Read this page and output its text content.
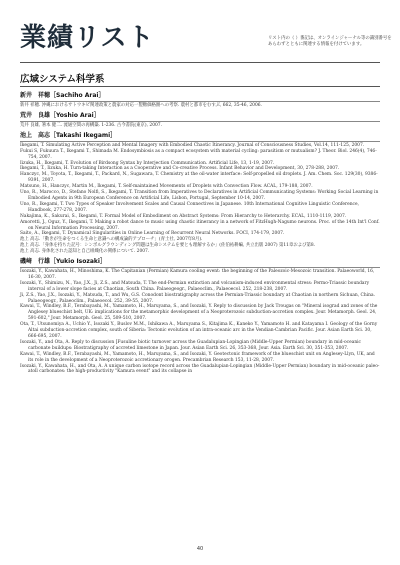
業績リスト	リスト内の（ ）番記は、オンラインジャーナル等の識別番号をあらわずとともに関連する情報を付けています。
広域システム科学系
新井　祥穂［Sachiho Arai］
新井 祥穂. 沖縄におけるサトウキビ関連政策と農家の対応一製糖価格圏への考察. 農村と都市をむすぶ, 662, 35-46, 2006.
荒井　良雄［Yoshio Arai］
荒井 良雄, 箸本 健二. 流通空間の再構築. 1-236. 古今書院(東京), 2007.
池上　高志［Takashi Ikegami］
Ikegami, T. Simulating Active Perception and Mental Imagery with Embodied Chaotic Itinerancy. Journal of Consciousness Studies, Vol.14, 111-125, 2007.
Fukui S, Fukuura T., Ikegami T., Shimada M. Endosymbiosis as a compact ecosystem with material cycling: parasitism or mutualism? J. Theor. Biol. 246(4), 746-754, 2007.
Iizuka, H., Ikegami, T. Evolution of Birdsong Syntax by Interjection Communication. Artificial Life, 13, 1-19, 2007.
Ikegami, T., Iizuka, H. Turn-taking Interaction as a Cooperative and Co-creative Process. Infant Behavior and Development, 30, 278-288, 2007.
Hanczyc, M., Toyota, T., Ikegami, T., Packard, N., Sugawara, T. Chemistry at the oil-water interface: Self-propelled oil droplets. J. Am. Chem. Soc. 129(30), 9386-9391, 2007.
Matsuno, H., Hanczyc, Martin M., Ikegami, T. Self-maintained Movements of Droplets with Convection Flow. ACAL, 179-188, 2007.
Uno, R., Marocco, D., Stefano Nolfi, S., Ikegami, T. Transition from Imperatives to Declaratives in Artificial Communicating Systems: Working Social Learning in Embodied Agents in 9th European Conference on Artificial Life, Lisbon, Portugal, September 10-14, 2007.
Uno, R., Ikegami, T. Two Types of Speaker Involvement Scales and Causal Connectives in Japanese. 10th International Cognitive Linguistic Conference, Handbook, 277-278, 2007.
Nakajima, K., Sakurai, S., Ikegami, T. Formal Model of Embodiment on Abstract Systems: From Hierarchy to Heterarchy. ECAL, 1110-1119, 2007.
Amoretti, J., Oguz, Y., Ikegami, T. Making a robot dance to music using chaotic itinerancy in a network of FitzHugh-Nagumo neurons. Proc. of the 14th Int'l Conf. on Neural Information Processing, 2007.
Saito, A., Ikegami, T. Dynamical Singularities in Online Learning of Recurrent Neural Networks. FOCI, 174-179, 2007.
池上 高志.「動きが生命をつくる生命と意識への構成論的アプローチ」(青土社, 2007年8月).
池上 高志.「身体を持ちた記号：シンボルグラウンディング問題は生命システムを要とも理解するか」(佐伯祐耕編, 共立出版 2007) 第11章および第8.
池上 高志. 身体化された認知と自己組織化の関係について. 2007.
磯﨑　行雄［Yukio Isozaki］
Isozaki, Y., Kawahata, H., Minoshima, K. The Capitanian (Permian) Kamura cooling event: the beginning of the Paleozoic-Mesozoic transition. Palaeoworld, 16, 16-30, 2007.
Isozaki, Y., Shimizu, N., Yao, J.X., Ji, Z.S., and Matsuda, T. The end-Permian extinction and volcanism-induced environmental stress: Permo-Triassic boundary interval of a lower slope facies at Chaotian, South China. Palaeogeogr., Palaeoclim., Palaeoecol. 252, 218-238, 2007.
Ji, Z.S., Yao, J.X., Isozaki, Y., Matsuda, T., and Wu, G.S. Conodont biostratigraphy across the Permian-Triassic boundary at Chaotian in northern Sichuan, China. Palaeogeogr., Palaeoclim., Palaeoecol. 252, 39-55, 2007.
Kawai, T., Windley, B.F., Terabayashi, M., Yamamoto, H., Maruyama, S., and Isozaki, Y. Reply to discussion by Jack Trougas on "Mineral isograd and zones of the Anglesey blueschist belt, UK: implications for the metamorphic development of a Neoproterozoic subduction-accretion complex. Jour. Metamorph. Geol. 24, 591-602," Jour. Metamorph. Geol. 25, 509-510, 2007.
Ota, T., Utsunomiya A., Uchio Y., Isozaki Y., Buslov M.M., Ishikawa A., Maruyama S., Kitajima K., Kaneko Y., Yamamoto H. and Katayama I. Geology of the Gorny Altai subduction-accretion complex, south of Siberia: Tectonic evolution of an intra-oceanic arc in the Vendian-Cambrian Pacific. Jour. Asian Earth Sci. 30, 666-695, 2007.
Isozaki, Y., and Ota, A. Reply to discussion [Fusuline biotic turnover across the Guadalupian-Lopingian (Middle-Upper Permian) boundary in mid-oceanic carbonate buildups: Biostratigraphy of accreted limestone in Japan. Jour. Asian Earth Sci. 26, 353-368, Jour. Asia. Earth Sci. 30, 351-353, 2007.
Kawai, T., Windley, B.F., Terabayashi, M., Yamamoto, H., Maruyama, S., and Isozaki, Y. Geotectonic framework of the blueschist unit on Anglesey-Llyn, UK, and its role in the development of a Neoproterozoic accretionary orogen. Precambrian Research 153, 11-28, 2007.
Isozaki, Y., Kawahata, H., and Ota, A. A unique carbon isotope record across the Guadalupian-Lopingian (Middle-Upper Permian) boundary in mid-oceanic paleo-atoll carbonates: the high-productivity "Kamura event" and its collapse in
40
